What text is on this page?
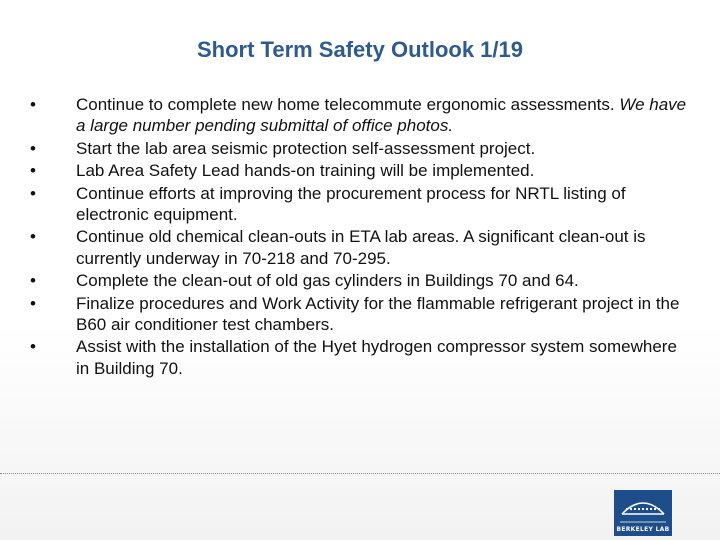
Short Term Safety Outlook 1/19
•	Continue to complete new home telecommute ergonomic assessments. We have a large number pending submittal of office photos.
•	Start the lab area seismic protection self-assessment project.
•	Lab Area Safety Lead hands-on training will be implemented.
•	Continue efforts at improving the procurement process for NRTL listing of electronic equipment.
•	Continue old chemical clean-outs in ETA lab areas. A significant clean-out is currently underway in 70-218 and 70-295.
•	Complete the clean-out of old gas cylinders in Buildings 70 and 64.
•	Finalize procedures and Work Activity for the flammable refrigerant project in the B60 air conditioner test chambers.
•	Assist with the installation of the Hyet hydrogen compressor system somewhere in Building 70.
BERKELEY LAB
